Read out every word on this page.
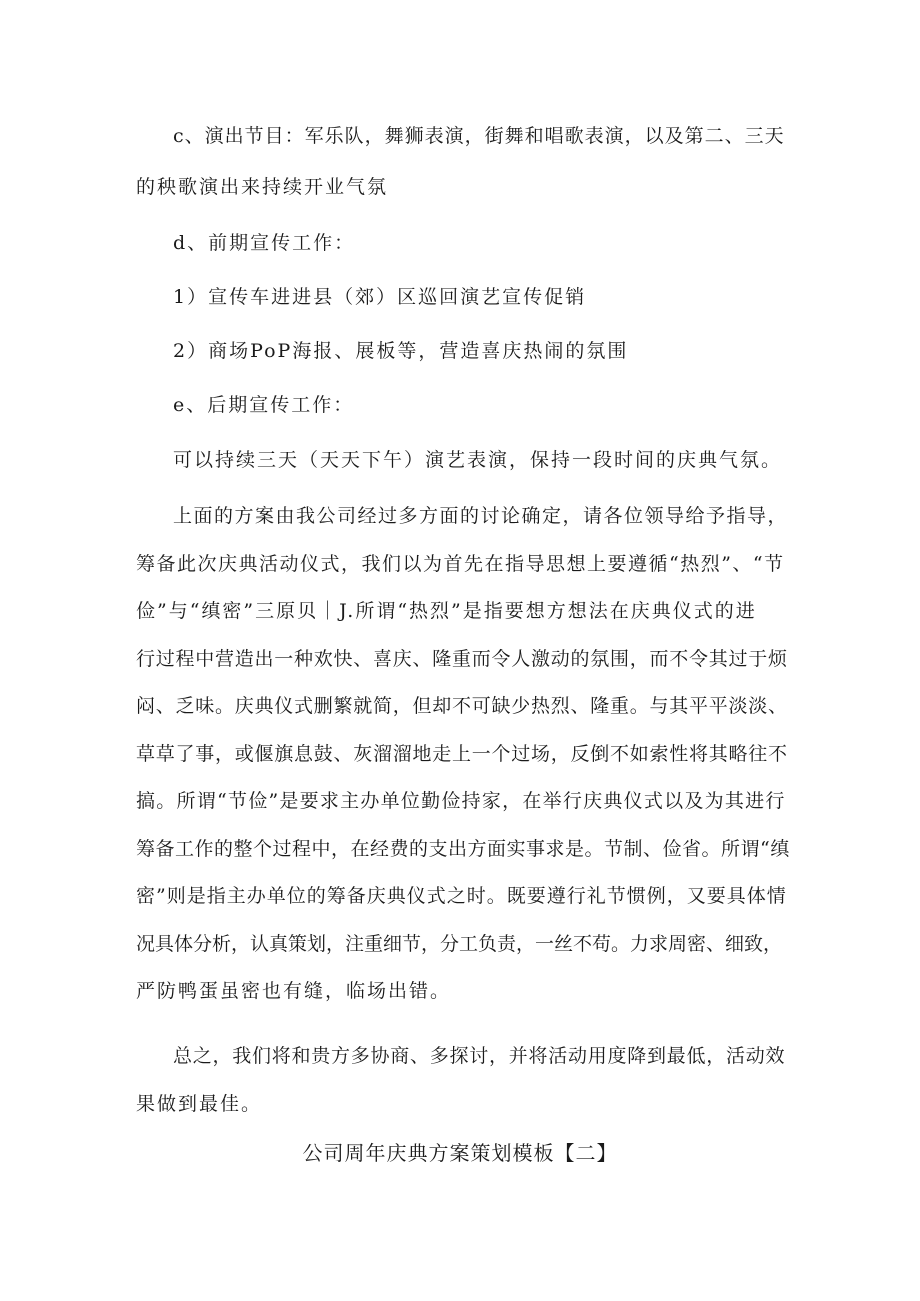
c、演出节目：军乐队，舞狮表演，街舞和唱歌表演，以及第二、三天
的秧歌演出来持续开业气氛
d、前期宣传工作：
1）宣传车进进县（郊）区巡回演艺宣传促销
2）商场PoP海报、展板等，营造喜庆热闹的氛围
e、后期宣传工作：
可以持续三天（天天下午）演艺表演，保持一段时间的庆典气氛。
上面的方案由我公司经过多方面的讨论确定，请各位领导给予指导，
筹备此次庆典活动仪式，我们以为首先在指导思想上要遵循“热烈”、“节
俭”与“缜密”三原贝｜J.所谓“热烈”是指要想方想法在庆典仪式的进
行过程中营造出一种欢快、喜庆、隆重而令人激动的氛围，而不令其过于烦
闷、乏味。庆典仪式删繁就简，但却不可缺少热烈、隆重。与其平平淡淡、
草草了事，或偃旗息鼓、灰溜溜地走上一个过场，反倒不如索性将其略往不
搞。所谓“节俭”是要求主办单位勤俭持家，在举行庆典仪式以及为其进行
筹备工作的整个过程中，在经费的支出方面实事求是。节制、俭省。所谓“缜
密”则是指主办单位的筹备庆典仪式之时。既要遵行礼节惯例，又要具体情
况具体分析，认真策划，注重细节，分工负责，一丝不苟。力求周密、细致，
严防鸭蛋虽密也有缝，临场出错。
总之，我们将和贵方多协商、多探讨，并将活动用度降到最低，活动效
果做到最佳。
公司周年庆典方案策划模板【二】
